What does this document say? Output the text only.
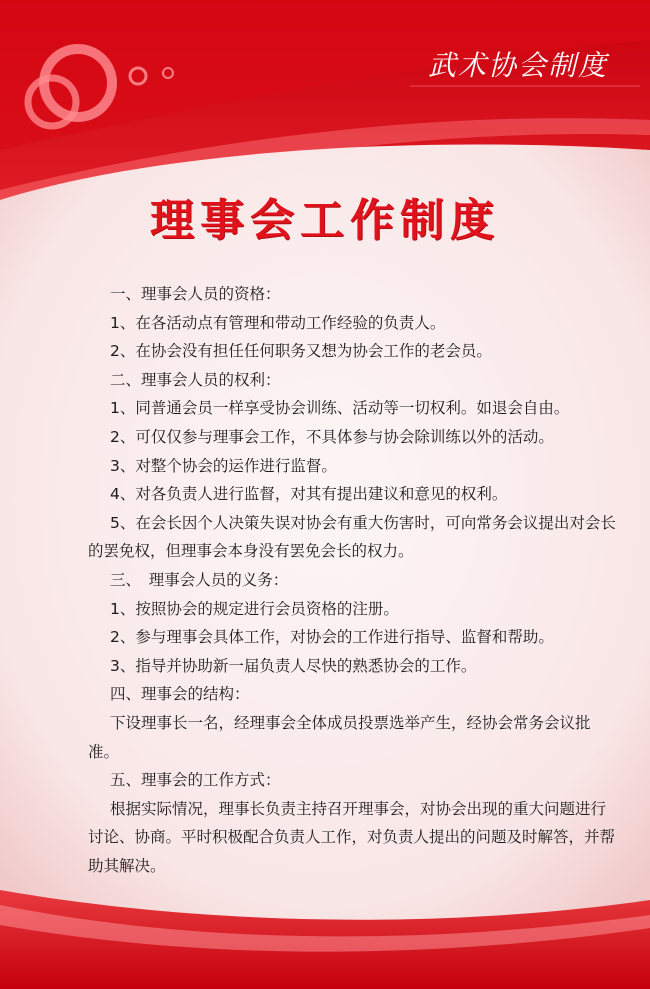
武术协会制度
理事会工作制度

一、理事会人员的资格：

1、在各活动点有管理和带动工作经验的负责人。

2、在协会没有担任任何职务又想为协会工作的老会员。

二、理事会人员的权利：

1、同普通会员一样享受协会训练、活动等一切权利。如退会自由。

2、可仅仅参与理事会工作，不具体参与协会除训练以外的活动。

3、对整个协会的运作进行监督。

4、对各负责人进行监督，对其有提出建议和意见的权利。

5、在会长因个人决策失误对协会有重大伤害时，可向常务会议提出对会长的罢免权，但理事会本身没有罢免会长的权力。

三、　理事会人员的义务：

1、按照协会的规定进行会员资格的注册。

2、参与理事会具体工作，对协会的工作进行指导、监督和帮助。

3、指导并协助新一届负责人尽快的熟悉协会的工作。

四、理事会的结构：

下设理事长一名，经理事会全体成员投票选举产生，经协会常务会议批准。

五、理事会的工作方式：

根据实际情况，理事长负责主持召开理事会，对协会出现的重大问题进行讨论、协商。平时积极配合负责人工作，对负责人提出的问题及时解答，并帮助其解决。
